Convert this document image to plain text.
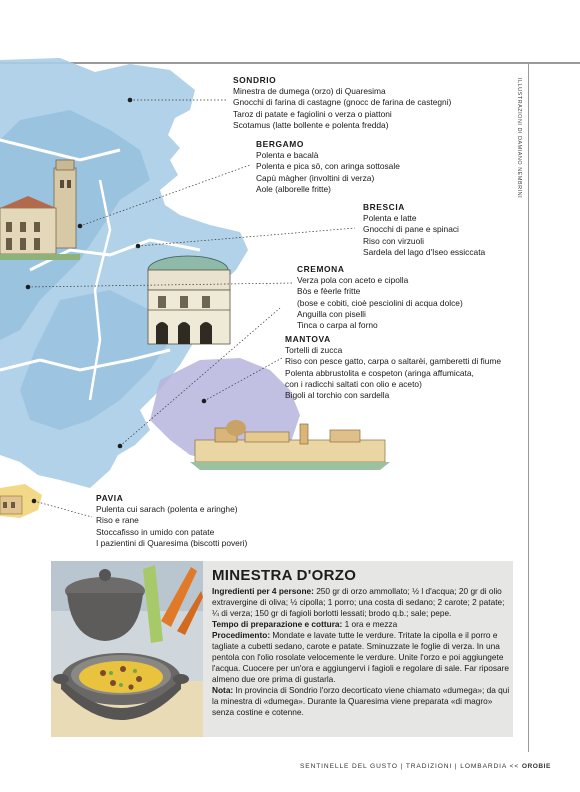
ILLUSTRAZIONI DI DAMIANO NEMBRINI
SONDRIO
Minestra de dumega (orzo) di Quaresima
Gnocchi di farina di castagne (gnocc de farina de castegni)
Taroz di patate e fagiolini o verza o piattoni
Scotamus (latte bollente e polenta fredda)
BERGAMO
Polenta e bacalà
Polenta e pica sö, con aringa sottosale
Capù màgher (involtini di verza)
Aole (alborelle fritte)
BRESCIA
Polenta e latte
Gnocchi di pane e spinaci
Riso con virzuoli
Sardela del lago d'Iseo essiccata
CREMONA
Verza pola con aceto e cipolla
Bòs e fèerle fritte
(bose e cobiti, cioè pesciolini di acqua dolce)
Anguilla con piselli
Tinca o carpa al forno
MANTOVA
Tortelli di zucca
Riso con pesce gatto, carpa o saltarèi, gamberetti di fiume
Polenta abbrustolita e cospeton (aringa affumicata,
con i radicchi saltati con olio e aceto)
Bigoli al torchio con sardella
PAVIA
Pulenta cui sarach (polenta e aringhe)
Riso e rane
Stoccafisso in umido con patate
I pazientini di Quaresima (biscotti poveri)
MINESTRA D'ORZO

Ingredienti per 4 persone: 250 gr di orzo ammollato; ½ l d'acqua; 20 gr di olio extravergine di oliva; ½ cipolla; 1 porro; una costa di sedano; 2 carote; 2 patate; ¼ di verza; 150 gr di fagioli borlotti lessati; brodo q.b.; sale; pepe.

Tempo di preparazione e cottura: 1 ora e mezza

Procedimento: Mondate e lavate tutte le verdure. Tritate la cipolla e il porro e tagliate a cubetti sedano, carote e patate. Sminuzzate le foglie di verza. In una pentola con l'olio rosolate velocemente le verdure. Unite l'orzo e poi aggiungete l'acqua. Cuocere per un'ora e aggiungervi i fagioli e regolare di sale. Far riposare almeno due ore prima di gustarla.

Nota: In provincia di Sondrio l'orzo decorticato viene chiamato «dumega»; da qui la minestra di «dumega». Durante la Quaresima viene preparata «di magro» senza costine e cotenne.

SENTINELLE DEL GUSTO | TRADIZIONI | LOMBARDIA << OROBIE
